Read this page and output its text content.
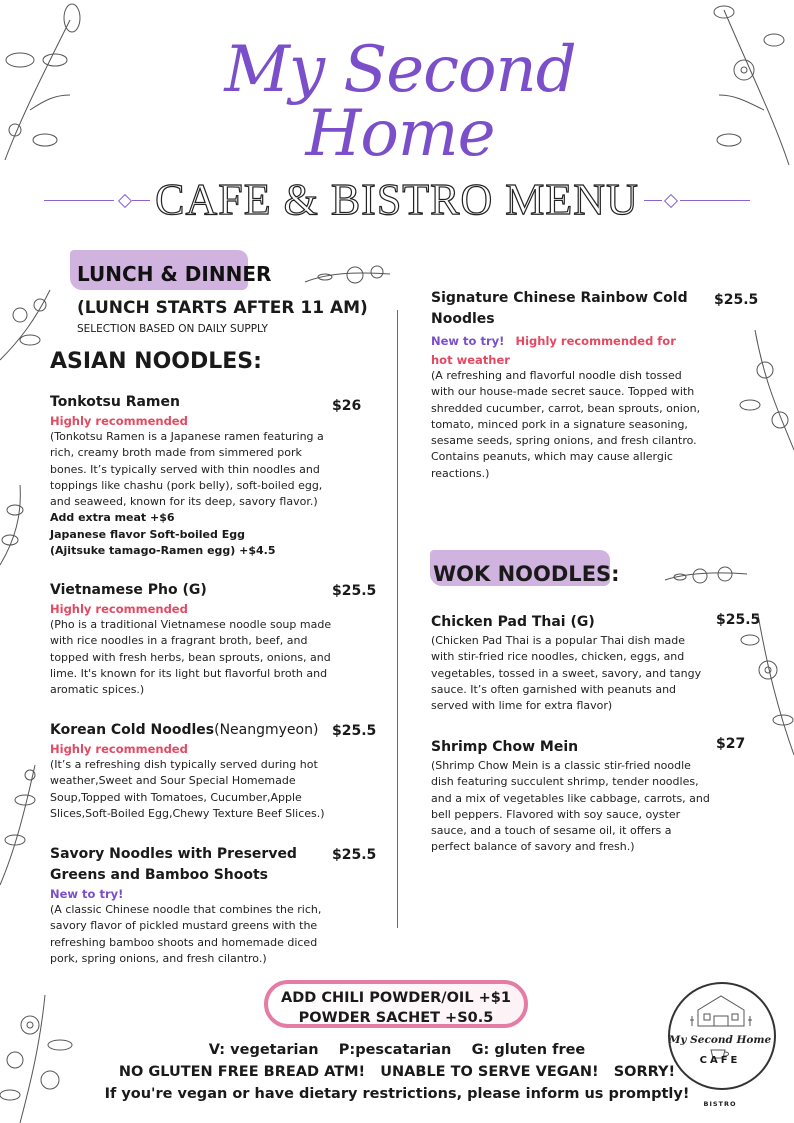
My Second Home
CAFE & BISTRO MENU
LUNCH & DINNER
(LUNCH STARTS AFTER 11 AM)
SELECTION BASED ON DAILY SUPPLY
ASIAN NOODLES:
Tonkotsu Ramen
Highly recommended
(Tonkotsu Ramen is a Japanese ramen featuring a rich, creamy broth made from simmered pork bones. It’s typically served with thin noodles and toppings like chashu (pork belly), soft-boiled egg, and seaweed, known for its deep, savory flavor.)
Add extra meat +$6
Japanese flavor Soft-boiled Egg
(Ajitsuke tamago-Ramen egg) +$4.5
$26
Vietnamese Pho (G)
Highly recommended
(Pho is a traditional Vietnamese noodle soup made with rice noodles in a fragrant broth, beef, and topped with fresh herbs, bean sprouts, onions, and lime. It's known for its light but flavorful broth and aromatic spices.)
$25.5
Korean Cold Noodles(Neangmyeon)
Highly recommended
(It’s a refreshing dish typically served during hot weather,Sweet and Sour Special Homemade Soup,Topped with Tomatoes, Cucumber,Apple Slices,Soft-Boiled Egg,Chewy Texture Beef Slices.)
$25.5
Savory Noodles with Preserved Greens and Bamboo Shoots
New to try!
(A classic Chinese noodle that combines the rich, savory flavor of pickled mustard greens with the refreshing bamboo shoots and homemade diced pork, spring onions, and fresh cilantro.)
$25.5
Signature Chinese Rainbow Cold Noodles
New to try! Highly recommended for hot weather
(A refreshing and flavorful noodle dish tossed with our house-made secret sauce. Topped with shredded cucumber, carrot, bean sprouts, onion, tomato, minced pork in a signature seasoning, sesame seeds, spring onions, and fresh cilantro.
Contains peanuts, which may cause allergic reactions.)
$25.5
WOK NOODLES:
Chicken Pad Thai (G)
(Chicken Pad Thai is a popular Thai dish made with stir-fried rice noodles, chicken, eggs, and vegetables, tossed in a sweet, savory, and tangy sauce. It’s often garnished with peanuts and served with lime for extra flavor)
$25.5
Shrimp Chow Mein
(Shrimp Chow Mein is a classic stir-fried noodle dish featuring succulent shrimp, tender noodles, and a mix of vegetables like cabbage, carrots, and bell peppers. Flavored with soy sauce, oyster sauce, and a touch of sesame oil, it offers a perfect balance of savory and fresh.)
$27
ADD CHILI POWDER/OIL +$1
POWDER SACHET +S0.5
V: vegetarian    P:pescatarian    G: gluten free
NO GLUTEN FREE BREAD ATM!   UNABLE TO SERVE VEGAN!   SORRY!
If you're vegan or have dietary restrictions, please inform us promptly!
My Second Home
CAFE
BISTRO
